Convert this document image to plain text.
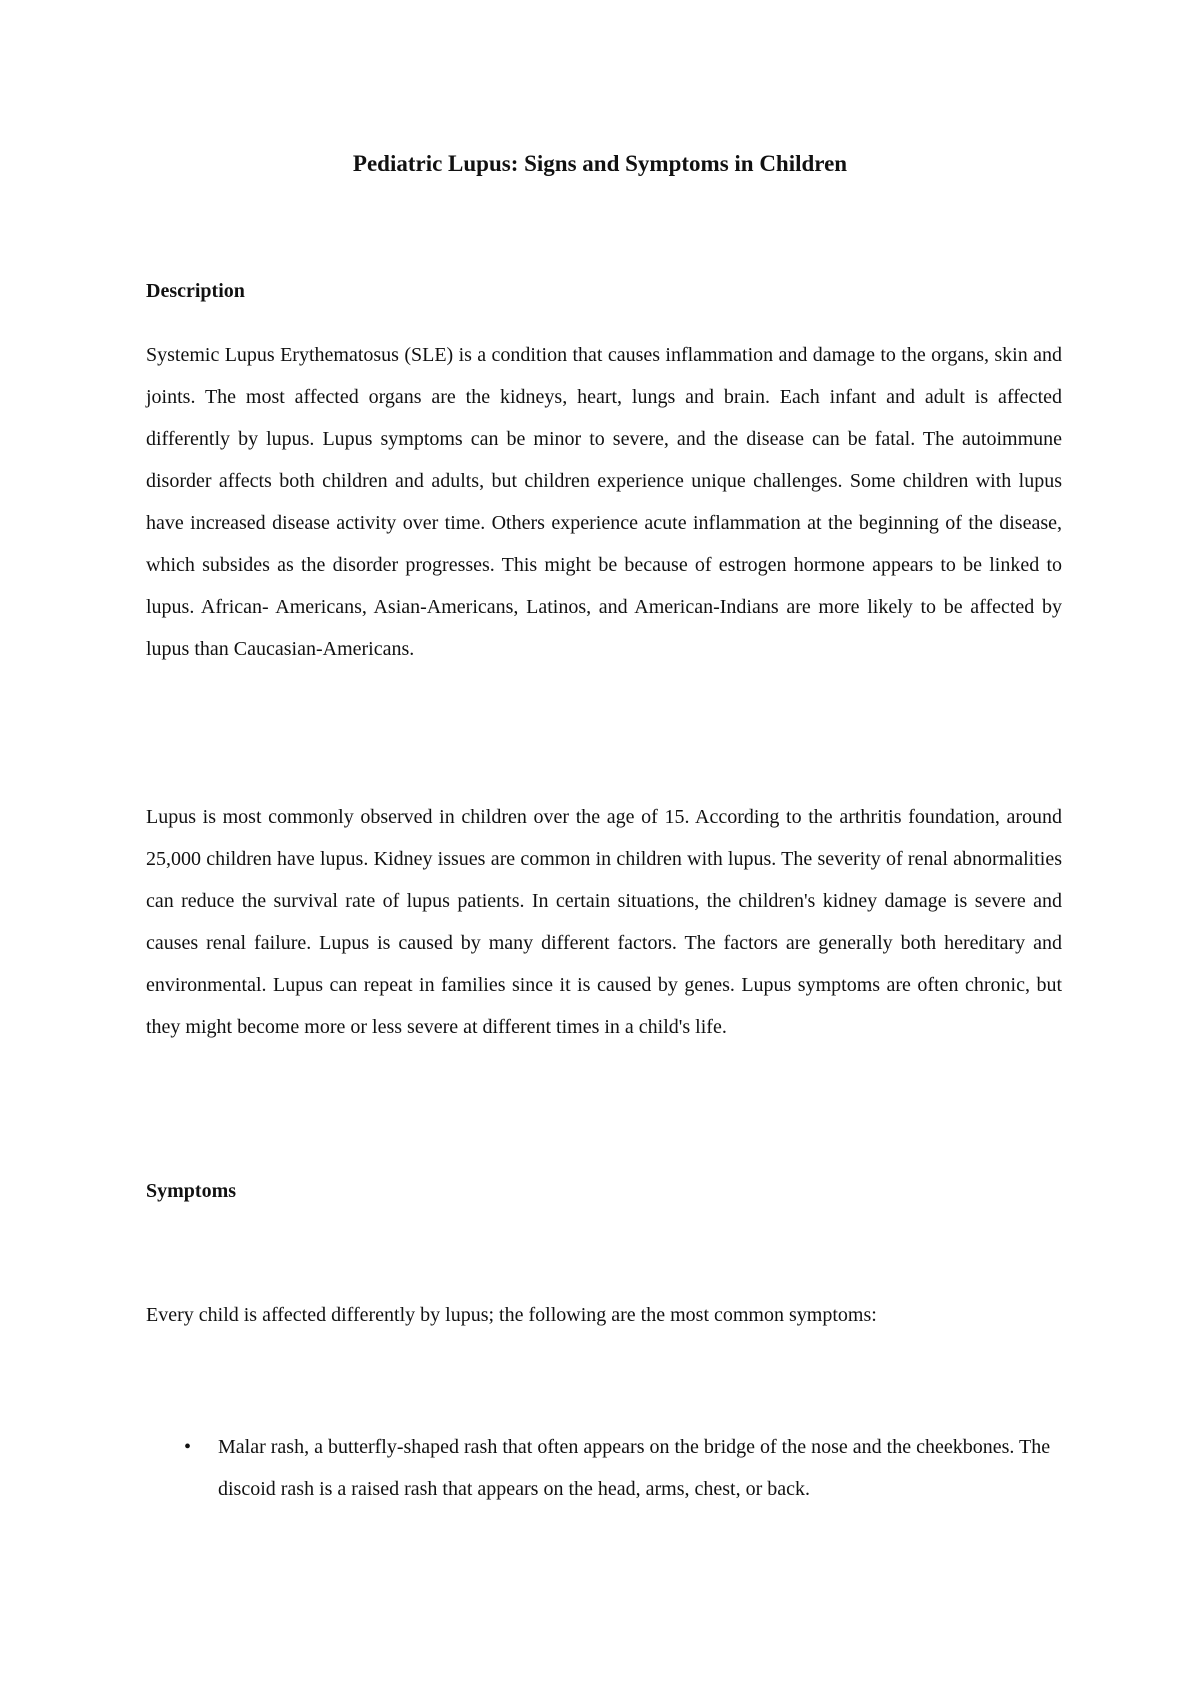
Pediatric Lupus: Signs and Symptoms in Children
Description

Systemic Lupus Erythematosus (SLE) is a condition that causes inflammation and damage to the organs, skin and joints. The most affected organs are the kidneys, heart, lungs and brain. Each infant and adult is affected differently by lupus. Lupus symptoms can be minor to severe, and the disease can be fatal. The autoimmune disorder affects both children and adults, but children experience unique challenges. Some children with lupus have increased disease activity over time. Others experience acute inflammation at the beginning of the disease, which subsides as the disorder progresses. This might be because of estrogen hormone appears to be linked to lupus. African- Americans, Asian-Americans, Latinos, and American-Indians are more likely to be affected by lupus than Caucasian-Americans.

Lupus is most commonly observed in children over the age of 15. According to the arthritis foundation, around 25,000 children have lupus. Kidney issues are common in children with lupus. The severity of renal abnormalities can reduce the survival rate of lupus patients. In certain situations, the children's kidney damage is severe and causes renal failure. Lupus is caused by many different factors. The factors are generally both hereditary and environmental. Lupus can repeat in families since it is caused by genes. Lupus symptoms are often chronic, but they might become more or less severe at different times in a child's life.

Symptoms

Every child is affected differently by lupus; the following are the most common symptoms:

• Malar rash, a butterfly-shaped rash that often appears on the bridge of the nose and the cheekbones. The discoid rash is a raised rash that appears on the head, arms, chest, or back.
